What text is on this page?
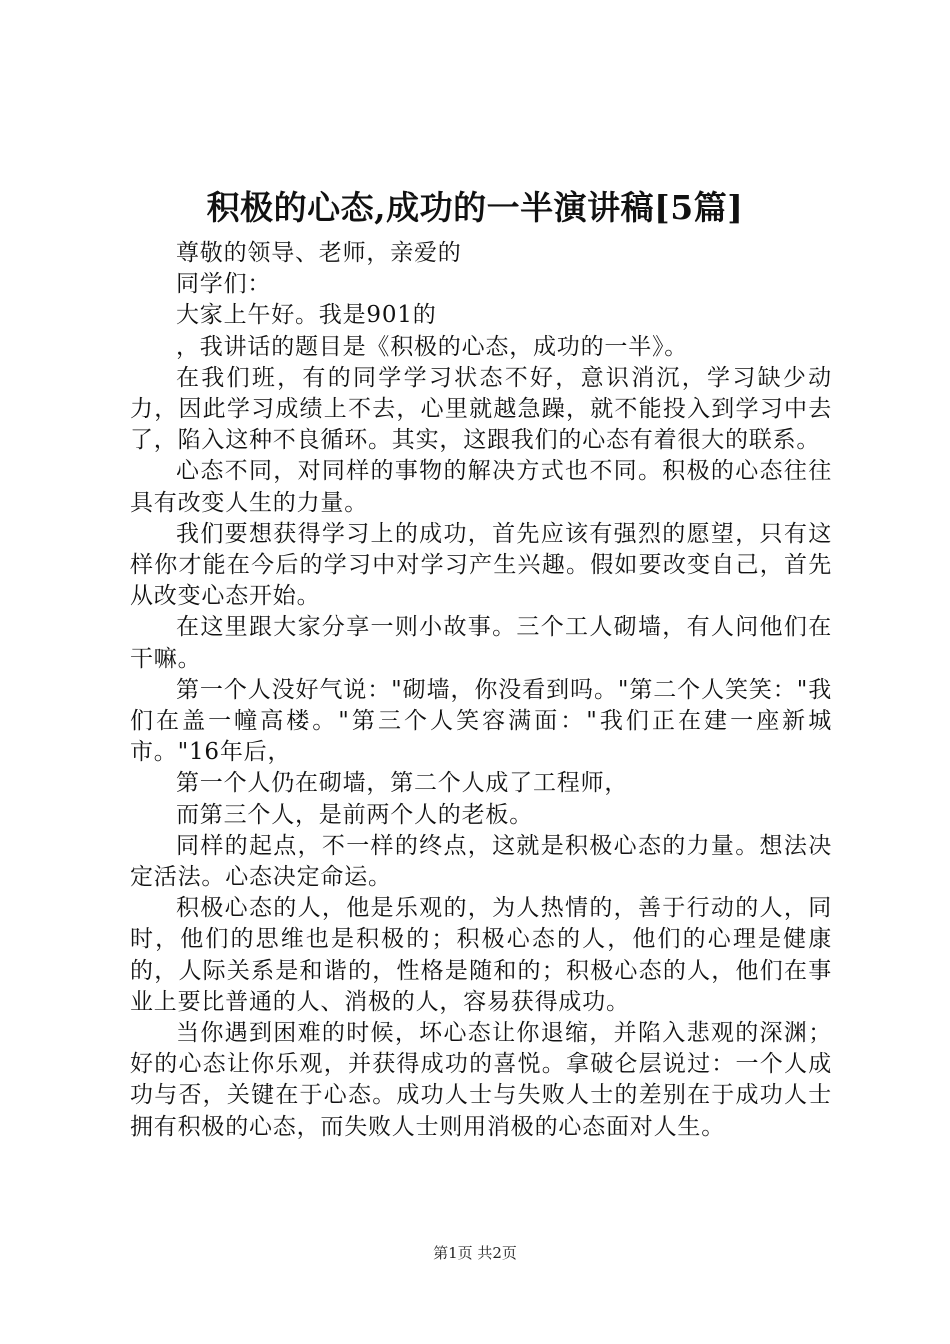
积极的心态,成功的一半演讲稿[5篇]

尊敬的领导、老师，亲爱的

同学们：

大家上午好。我是901的

，我讲话的题目是《积极的心态，成功的一半》。

在我们班，有的同学学习状态不好，意识消沉，学习缺少动力，因此学习成绩上不去，心里就越急躁，就不能投入到学习中去了，陷入这种不良循环。其实，这跟我们的心态有着很大的联系。

心态不同，对同样的事物的解决方式也不同。积极的心态往往具有改变人生的力量。

我们要想获得学习上的成功，首先应该有强烈的愿望，只有这样你才能在今后的学习中对学习产生兴趣。假如要改变自己，首先从改变心态开始。

在这里跟大家分享一则小故事。三个工人砌墙，有人问他们在干嘛。

第一个人没好气说："砌墙，你没看到吗。"第二个人笑笑："我们在盖一幢高楼。"第三个人笑容满面："我们正在建一座新城市。"16年后，

第一个人仍在砌墙，第二个人成了工程师，

而第三个人，是前两个人的老板。

同样的起点，不一样的终点，这就是积极心态的力量。想法决定活法。心态决定命运。

积极心态的人，他是乐观的，为人热情的，善于行动的人，同时，他们的思维也是积极的；积极心态的人，他们的心理是健康的，人际关系是和谐的，性格是随和的；积极心态的人，他们在事业上要比普通的人、消极的人，容易获得成功。

当你遇到困难的时候，坏心态让你退缩，并陷入悲观的深渊；好的心态让你乐观，并获得成功的喜悦。拿破仑层说过：一个人成功与否，关键在于心态。成功人士与失败人士的差别在于成功人士拥有积极的心态，而失败人士则用消极的心态面对人生。

第1页 共2页
